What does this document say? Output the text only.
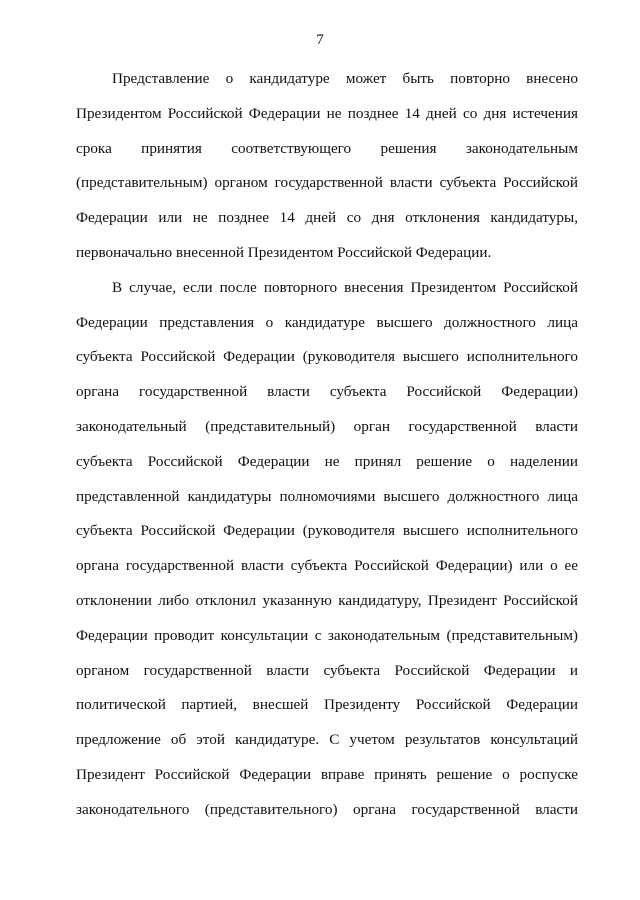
7
Представление о кандидатуре может быть повторно внесено
Президентом Российской Федерации не позднее 14 дней со дня истечения
срока принятия соответствующего решения законодательным
(представительным) органом государственной власти субъекта Российской
Федерации или не позднее 14 дней со дня отклонения кандидатуры,
первоначально внесенной Президентом Российской Федерации.
В случае, если после повторного внесения Президентом Российской
Федерации представления о кандидатуре высшего должностного лица
субъекта Российской Федерации (руководителя высшего исполнительного
органа государственной власти субъекта Российской Федерации)
законодательный (представительный) орган государственной власти
субъекта Российской Федерации не принял решение о наделении
представленной кандидатуры полномочиями высшего должностного лица
субъекта Российской Федерации (руководителя высшего исполнительного
органа государственной власти субъекта Российской Федерации) или о ее
отклонении либо отклонил указанную кандидатуру, Президент Российской
Федерации проводит консультации с законодательным (представительным)
органом государственной власти субъекта Российской Федерации и
политической партией, внесшей Президенту Российской Федерации
предложение об этой кандидатуре. С учетом результатов консультаций
Президент Российской Федерации вправе принять решение о роспуске
законодательного (представительного) органа государственной власти
